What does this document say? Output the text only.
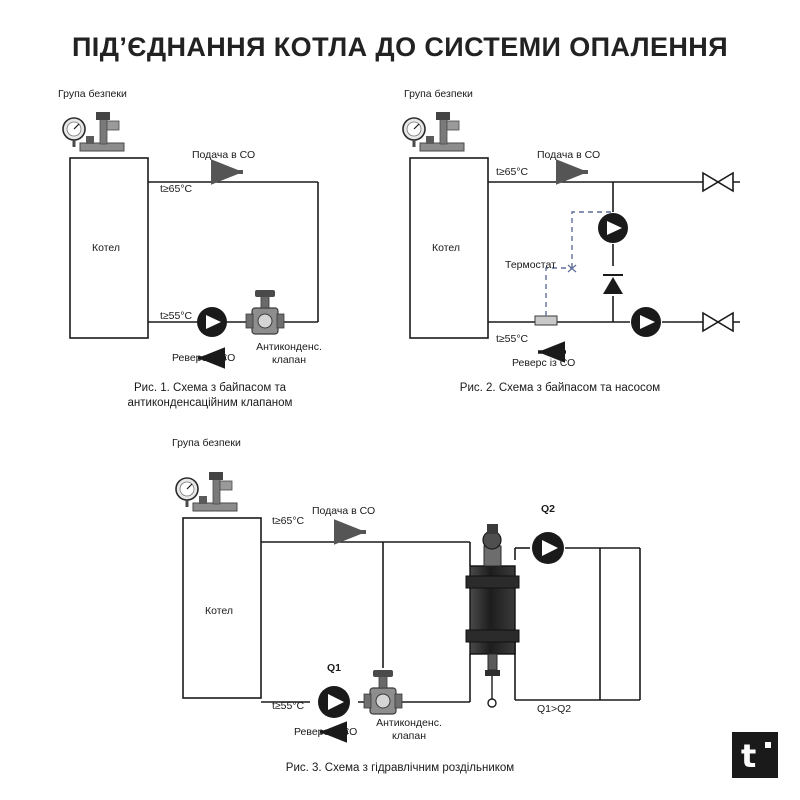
ПІД’ЄДНАННЯ КОТЛА ДО СИСТЕМИ ОПАЛЕННЯ
Група безпеки
Котел
Подача в СО
t≥65°C
t≥55°C
Реверс із СО
Антиконденс.
клапан
Рис. 1. Схема з байпасом та
антиконденсаційним клапаном
Група безпеки
Котел
Подача в СО
t≥65°C
t≥55°C
Реверс із СО
Термостат
Рис. 2. Схема з байпасом та насосом
Група безпеки
Котел
Подача в СО
t≥65°C
t≥55°C
Реверс із СО
Q1
Q2
Q1>Q2
Антиконденс.
клапан
Рис. 3. Схема з гідравлічним роздільником	t
